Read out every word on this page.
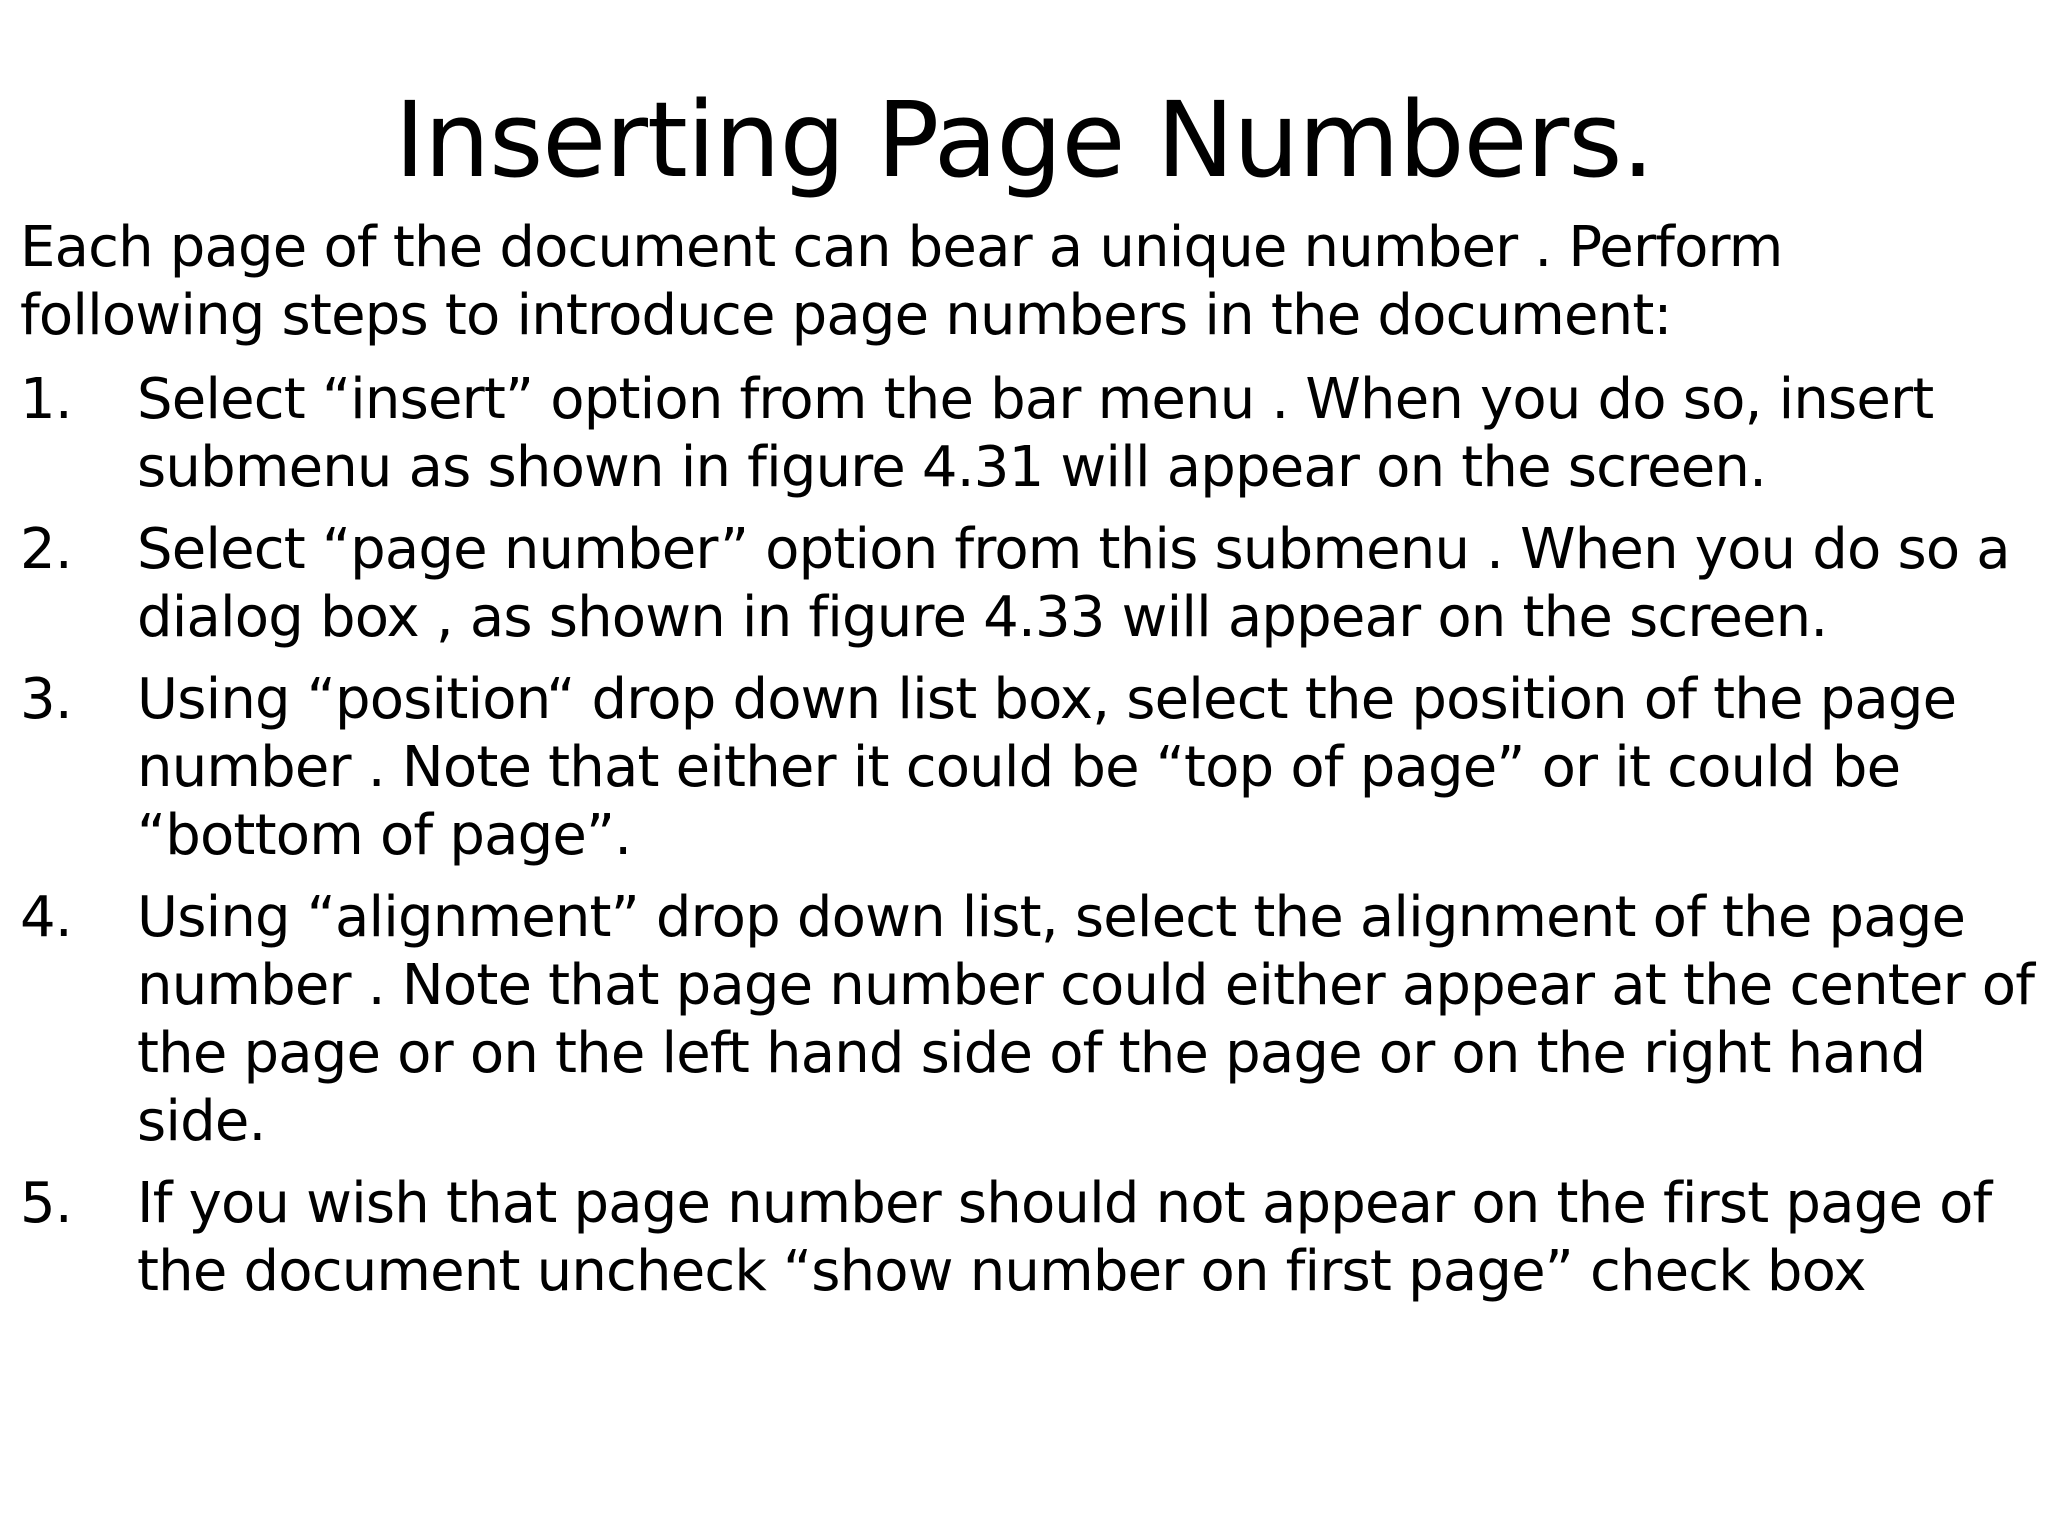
Inserting Page Numbers.

Each page of the document can bear a unique number . Perform following steps to introduce page numbers in the document:

1.	Select “insert” option from the bar menu . When you do so, insert submenu as shown in figure 4.31 will appear on the screen.
2.	Select “page number” option from this submenu . When you do so a dialog box , as shown in figure 4.33 will appear on the screen.
3.	Using “position“ drop down list box, select the position of the page number . Note that either it could be “top of page” or it could be “bottom of page”.
4.	Using “alignment” drop down list, select the alignment of the page number . Note that page number could either appear at the center of the page or on the left hand side of the page or on the right hand side.
5.	If you wish that page number should not appear on the first page of the document uncheck “show number on first page” check box
